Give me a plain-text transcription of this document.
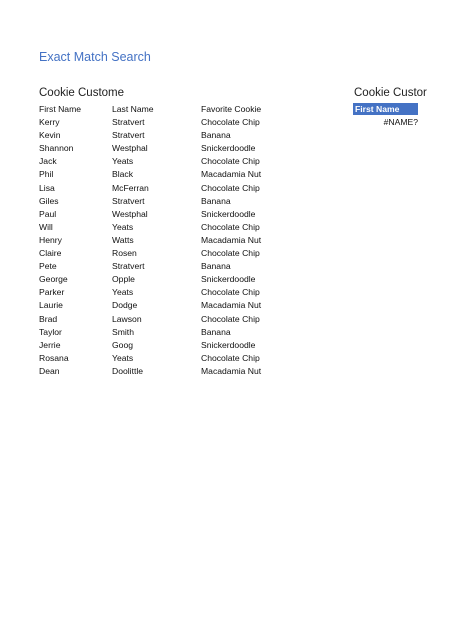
Exact Match Search
Cookie Custome	Cookie Custor
First Name	Last Name	Favorite Cookie
Kerry	Stratvert	Chocolate Chip
Kevin	Stratvert	Banana
Shannon	Westphal	Snickerdoodle
Jack	Yeats	Chocolate Chip
Phil	Black	Macadamia Nut
Lisa	McFerran	Chocolate Chip
Giles	Stratvert	Banana
Paul	Westphal	Snickerdoodle
Will	Yeats	Chocolate Chip
Henry	Watts	Macadamia Nut
Claire	Rosen	Chocolate Chip
Pete	Stratvert	Banana
George	Opple	Snickerdoodle
Parker	Yeats	Chocolate Chip
Laurie	Dodge	Macadamia Nut
Brad	Lawson	Chocolate Chip
Taylor	Smith	Banana
Jerrie	Goog	Snickerdoodle
Rosana	Yeats	Chocolate Chip
Dean	Doolittle	Macadamia Nut
First Name
#NAME?
